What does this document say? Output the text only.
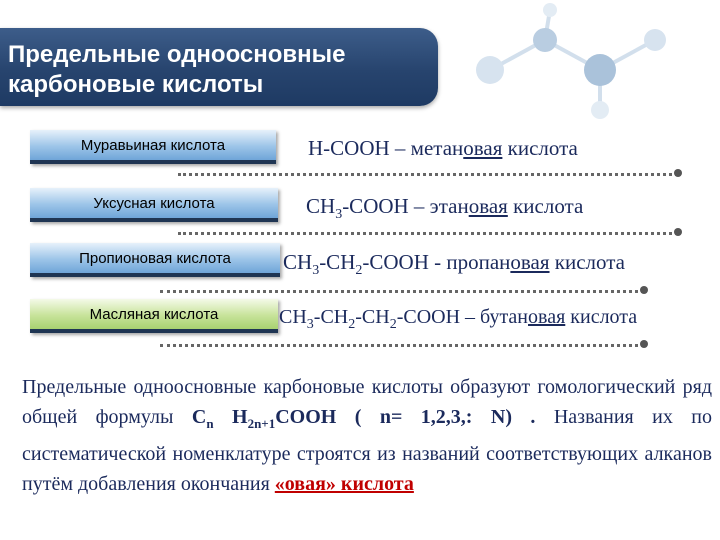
Предельные одноосновные
карбоновые кислоты
Муравьиная кислота	Н-СООН – метановая кислота
Уксусная кислота	$СН_3$-СООН – этановая кислота
Пропионовая кислота $СН_3-СН_2$-СООН - пропановая кислота
Масляная кислота	$СН_3-СН_2-СН_2$-СООН – бутановая кислота

Предельные одноосновные карбоновые кислоты образуют гомологический ряд общей формулы $С_n$ $Н_{2n+1}СООН$ ( n= 1,2,3,: N) . Названия их по систематической номенклатуре строятся из названий соответствующих алканов путём добавления окончания «овая» кислота
